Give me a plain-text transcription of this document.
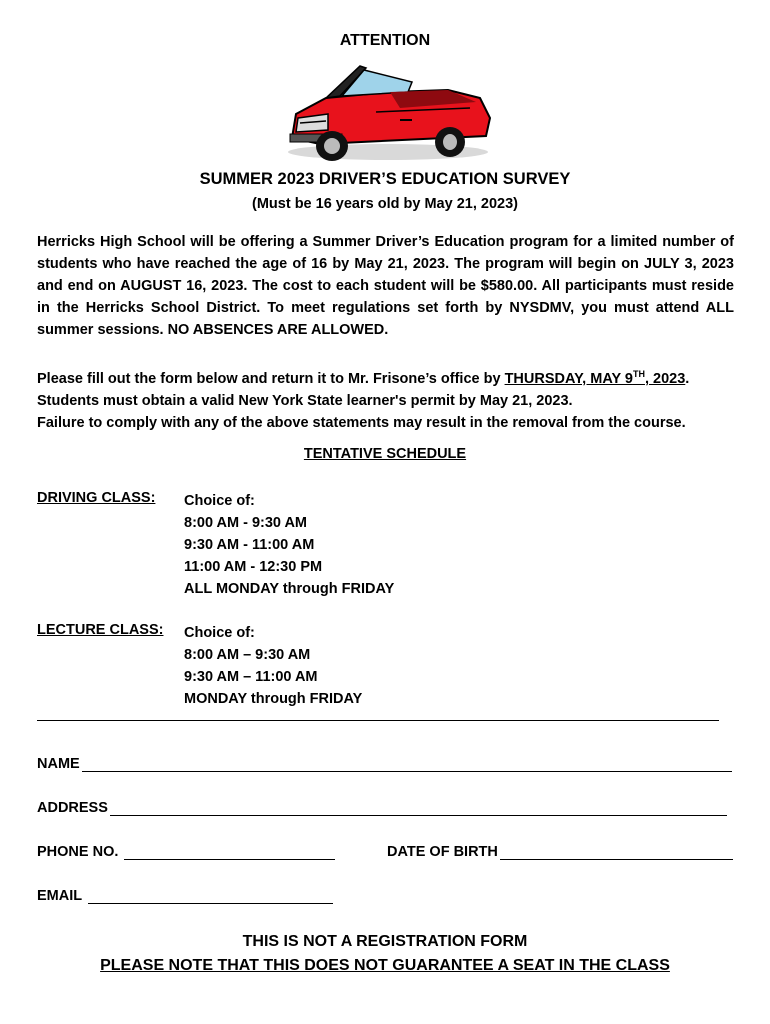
ATTENTION
SUMMER 2023 DRIVER’S EDUCATION SURVEY
(Must be 16 years old by May 21, 2023)
Herricks High School will be offering a Summer Driver’s Education program for a limited number of students who have reached the age of 16 by May 21, 2023. The program will begin on JULY 3, 2023 and end on AUGUST 16, 2023. The cost to each student will be $580.00. All participants must reside in the Herricks School District. To meet regulations set forth by NYSDMV, you must attend ALL summer sessions. NO ABSENCES ARE ALLOWED.
Please fill out the form below and return it to Mr. Frisone’s office by THURSDAY, MAY 9TH, 2023.
Students must obtain a valid New York State learner's permit by May 21, 2023.
Failure to comply with any of the above statements may result in the removal from the course.
TENTATIVE SCHEDULE
DRIVING CLASS: Choice of:
8:00 AM - 9:30 AM
9:30 AM - 11:00 AM
11:00 AM - 12:30 PM
ALL MONDAY through FRIDAY
LECTURE CLASS: Choice of:
8:00 AM – 9:30 AM
9:30 AM – 11:00 AM
MONDAY through FRIDAY
NAME
ADDRESS
PHONE NO.	DATE OF BIRTH
EMAIL
THIS IS NOT A REGISTRATION FORM
PLEASE NOTE THAT THIS DOES NOT GUARANTEE A SEAT IN THE CLASS
